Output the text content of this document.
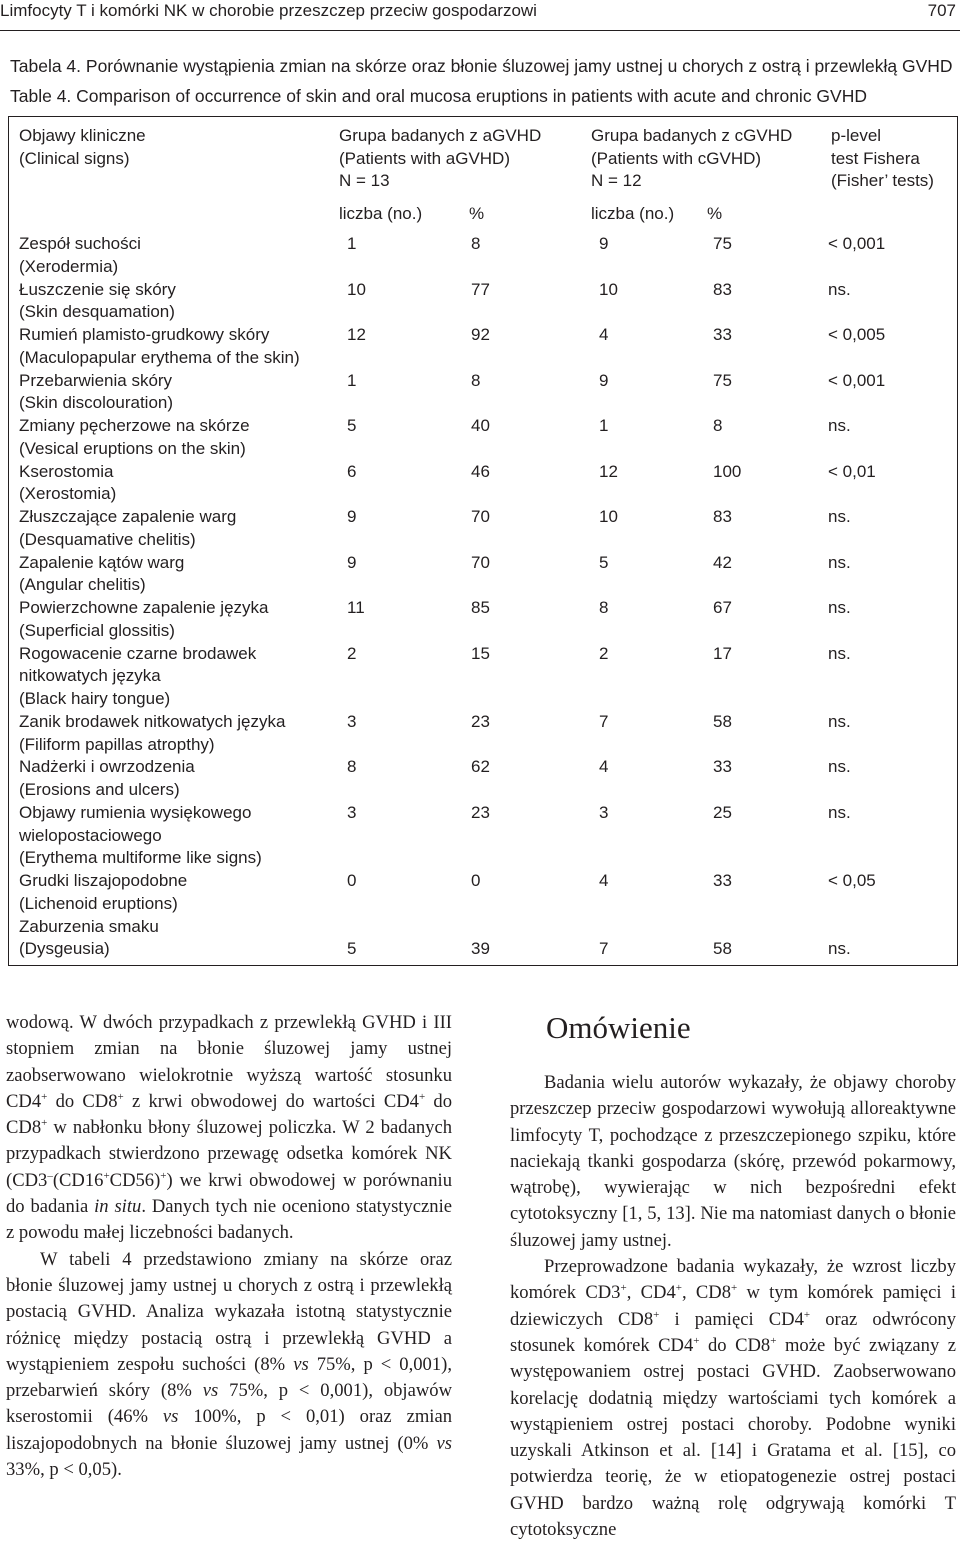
Limfocyty T i komórki NK w chorobie przeszczep przeciw gospodarzowi	707
Tabela 4. Porównanie wystąpienia zmian na skórze oraz błonie śluzowej jamy ustnej u chorych z ostrą i przewlekłą GVHD
Table 4. Comparison of occurrence of skin and oral mucosa eruptions in patients with acute and chronic GVHD
Objawy kliniczne
(Clinical signs)
Grupa badanych z aGVHD
(Patients with aGVHD)
N = 13
Grupa badanych z cGVHD
(Patients with cGVHD)
N = 12
p-level
test Fishera
(Fisher’ tests)
liczba (no.)	%	liczba (no.) %
Zespół suchości
(Xerodermia)
1	8	9	75	< 0,001
Łuszczenie się skóry
(Skin desquamation)
10	77	10	83	ns.
Rumień plamisto-grudkowy skóry
(Maculopapular erythema of the skin)
12	92	4	33	< 0,005
Przebarwienia skóry
(Skin discolouration)
1	8	9	75	< 0,001
Zmiany pęcherzowe na skórze
(Vesical eruptions on the skin)
5	40	1	8	ns.
Kserostomia
(Xerostomia)
6	46	12	100	< 0,01
Złuszczające zapalenie warg
(Desquamative chelitis)
9	70	10	83	ns.
Zapalenie kątów warg
(Angular chelitis)
9	70	5	42	ns.
Powierzchowne zapalenie języka
(Superficial glossitis)
11	85	8	67	ns.
Rogowacenie czarne brodawek
nitkowatych języka
(Black hairy tongue)
2	15	2	17	ns.
Zanik brodawek nitkowatych języka
(Filiform papillas atropthy)
3	23	7	58	ns.
Nadżerki i owrzodzenia
(Erosions and ulcers)
8	62	4	33	ns.
Objawy rumienia wysiękowego
wielopostaciowego
(Erythema multiforme like signs)
3	23	3	25	ns.
Grudki liszajopodobne
(Lichenoid eruptions)
0	0	4	33	< 0,05
Zaburzenia smaku
(Dysgeusia)	5	39	7	58	ns.

wodową. W dwóch przypadkach z przewlekłą GVHD i III stopniem zmian na błonie śluzowej jamy ustnej zaobserwowano wielokrotnie wyższą wartość stosunku CD4+ do CD8+ z krwi obwodowej do wartości CD4+ do CD8+ w nabłonku błony śluzowej policzka. W 2 badanych przypadkach stwierdzono przewagę odsetka komórek NK (CD3–(CD16+CD56)+) we krwi obwodowej w porównaniu do badania in situ. Danych tych nie oceniono statystycznie z powodu małej liczebności badanych.

W tabeli 4 przedstawiono zmiany na skórze oraz błonie śluzowej jamy ustnej u chorych z ostrą i przewlekłą postacią GVHD. Analiza wykazała istotną statystycznie różnicę między postacią ostrą i przewlekłą GVHD a wystąpieniem zespołu suchości (8% vs 75%, p < 0,001), przebarwień skóry (8% vs 75%, p < 0,001), objawów kserostomii (46% vs 100%, p < 0,01) oraz zmian liszajopodobnych na błonie śluzowej jamy ustnej (0% vs 33%, p < 0,05).

Omówienie

Badania wielu autorów wykazały, że objawy choroby przeszczep przeciw gospodarzowi wywołują alloreaktywne limfocyty T, pochodzące z przeszczepionego szpiku, które naciekają tkanki gospodarza (skórę, przewód pokarmowy, wątrobę), wywierając w nich bezpośredni efekt cytotoksyczny [1, 5, 13]. Nie ma natomiast danych o błonie śluzowej jamy ustnej.

Przeprowadzone badania wykazały, że wzrost liczby komórek CD3+, CD4+, CD8+ w tym komórek pamięci i dziewiczych CD8+ i pamięci CD4+ oraz odwrócony stosunek komórek CD4+ do CD8+ może być związany z występowaniem ostrej postaci GVHD. Zaobserwowano korelację dodatnią między wartościami tych komórek a wystąpieniem ostrej postaci choroby. Podobne wyniki uzyskali Atkinson et al. [14] i Gratama et al. [15], co potwierdza teorię, że w etiopatogenezie ostrej postaci GVHD bardzo ważną rolę odgrywają komórki T cytotoksyczne
